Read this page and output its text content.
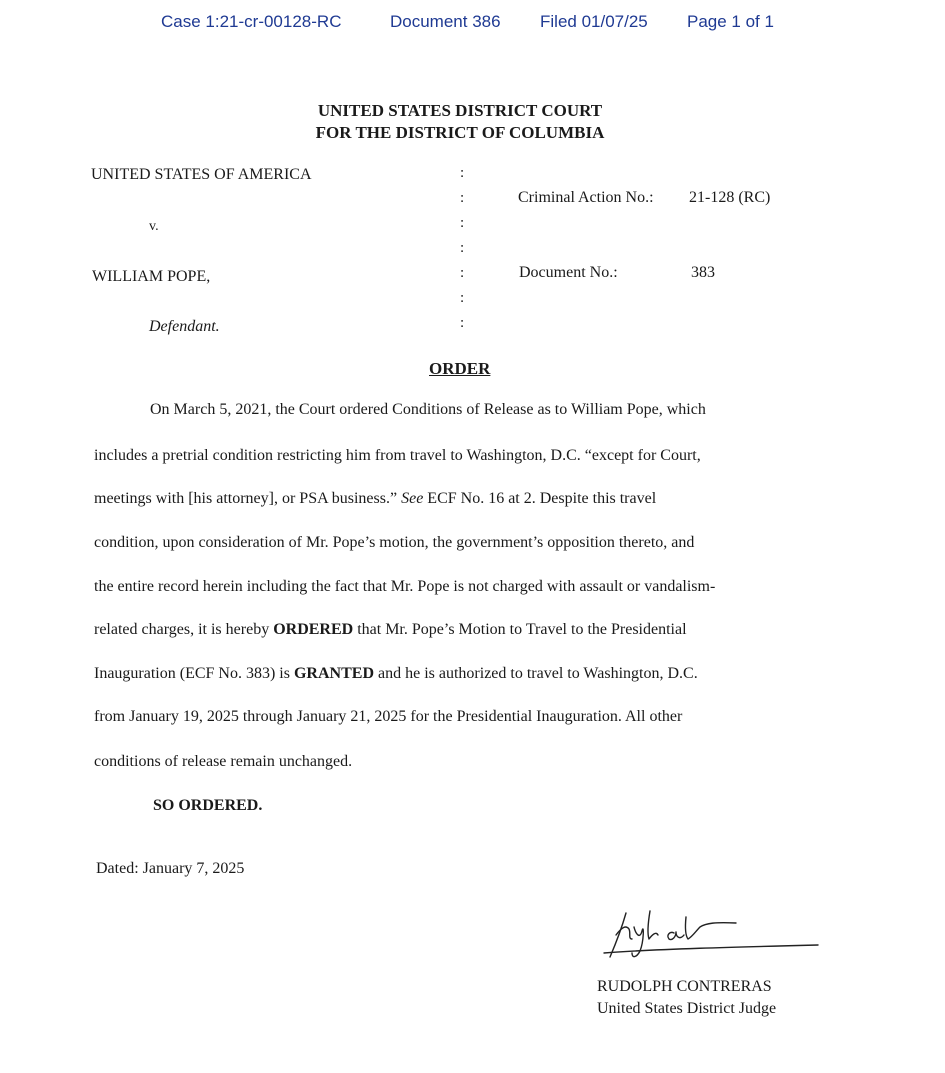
Case 1:21-cr-00128-RC	Document 386 Filed 01/07/25 Page 1 of 1
UNITED STATES DISTRICT COURT
FOR THE DISTRICT OF COLUMBIA
UNITED STATES OF AMERICA
v.
WILLIAM POPE,
Defendant.
:
:
:
:
:
:
:
Criminal Action No.: 21-128 (RC)
Document No.:	383
ORDER
On March 5, 2021, the Court ordered Conditions of Release as to William Pope, which
includes a pretrial condition restricting him from travel to Washington, D.C. “except for Court,
meetings with [his attorney], or PSA business.” See ECF No. 16 at 2. Despite this travel
condition, upon consideration of Mr. Pope’s motion, the government’s opposition thereto, and
the entire record herein including the fact that Mr. Pope is not charged with assault or vandalism-
related charges, it is hereby ORDERED that Mr. Pope’s Motion to Travel to the Presidential
Inauguration (ECF No. 383) is GRANTED and he is authorized to travel to Washington, D.C.
from January 19, 2025 through January 21, 2025 for the Presidential Inauguration. All other
conditions of release remain unchanged.
SO ORDERED.
Dated: January 7, 2025
RUDOLPH CONTRERAS
United States District Judge
